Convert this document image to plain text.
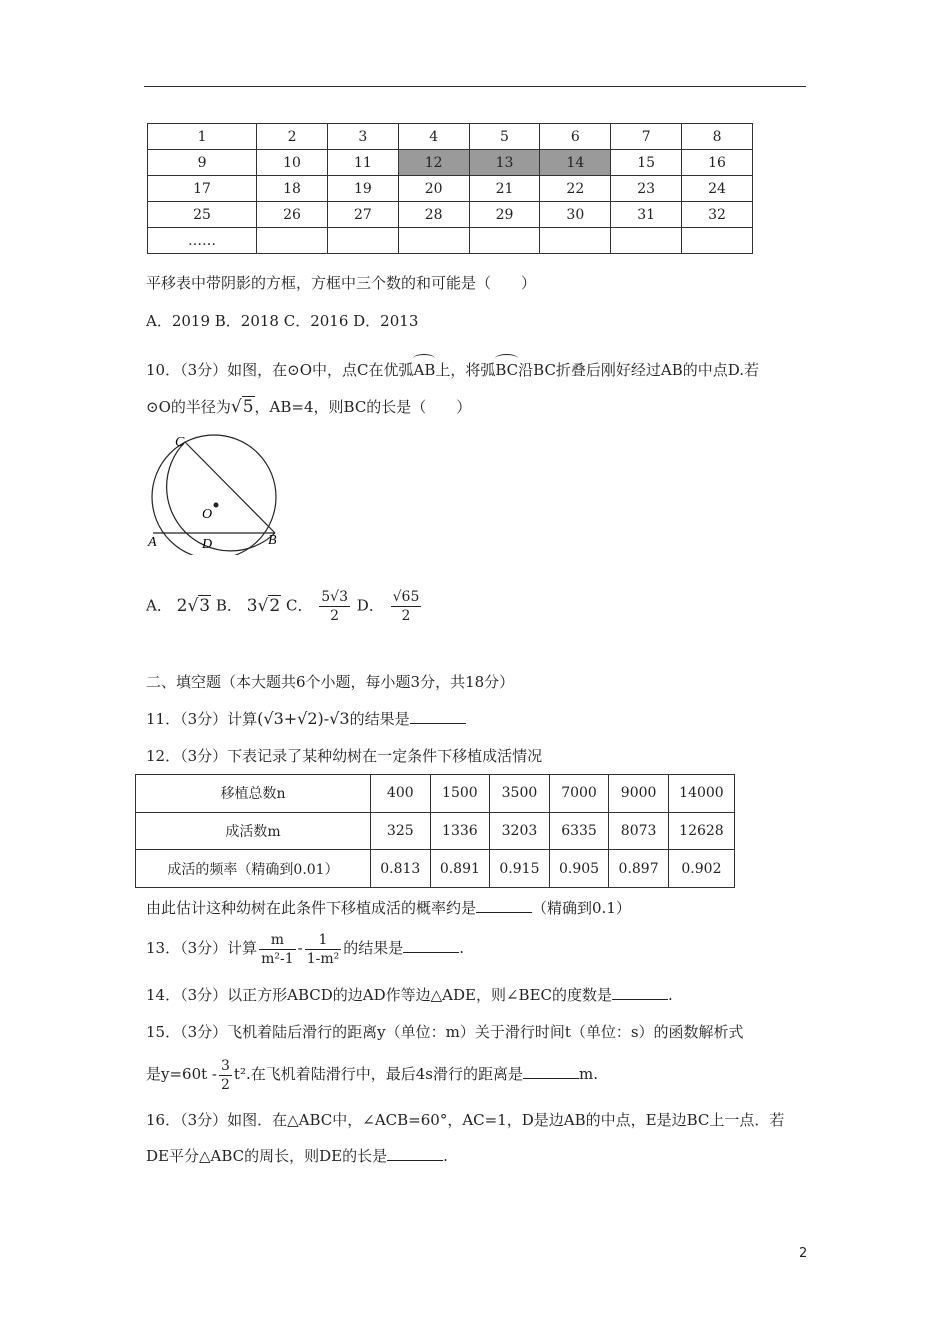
1	2	3	4	5	6	7	8
9	10	11	12	13	14	15	16
17	18	19	20	21	22	23	24
25	26	27	28	29	30	31	32
……							
平移表中带阴影的方框，方框中三个数的和可能是（　　）
A．2019 B．2018 C．2016 D．2013
10．（3分）如图，在⊙O中，点C在优弧AB上，将弧BC沿BC折叠后刚好经过AB的中点D.若
⊙O的半径为√5，AB=4，则BC的长是（　　）
C
O
A	D	B
A． 2√3 B． 3√2 C． $\frac{5√3}{2}$ D． $\frac{√65}{2}$
二、填空题（本大题共6个小题，每小题3分，共18分）
11．（3分）计算(√3+√2)-√3的结果是
12．（3分）下表记录了某种幼树在一定条件下移植成活情况
移植总数n	400	1500	3500	7000	9000	14000
成活数m	325	1336	3203	6335	8073	12628
成活的频率（精确到0.01）	0.813	0.891	0.915	0.905	0.897	0.902
由此估计这种幼树在此条件下移植成活的概率约是	（精确到0.1）
13．（3分）计算 $\frac{m}{\text{m²-1}} - \frac{1}{\text{1-m²}}$ 的结果是	.
14．（3分）以正方形ABCD的边AD作等边△ADE，则∠BEC的度数是	.
15．（3分）飞机着陆后滑行的距离y（单位：m）关于滑行时间t（单位：s）的函数解析式
是$y=60t - \frac{3}{2} t^2$.在飞机着陆滑行中，最后4s滑行的距离是	m.
16．（3分）如图．在△ABC中，∠ACB=60°，AC=1，D是边AB的中点，E是边BC上一点．若
DE平分△ABC的周长，则DE的长是	.
2
